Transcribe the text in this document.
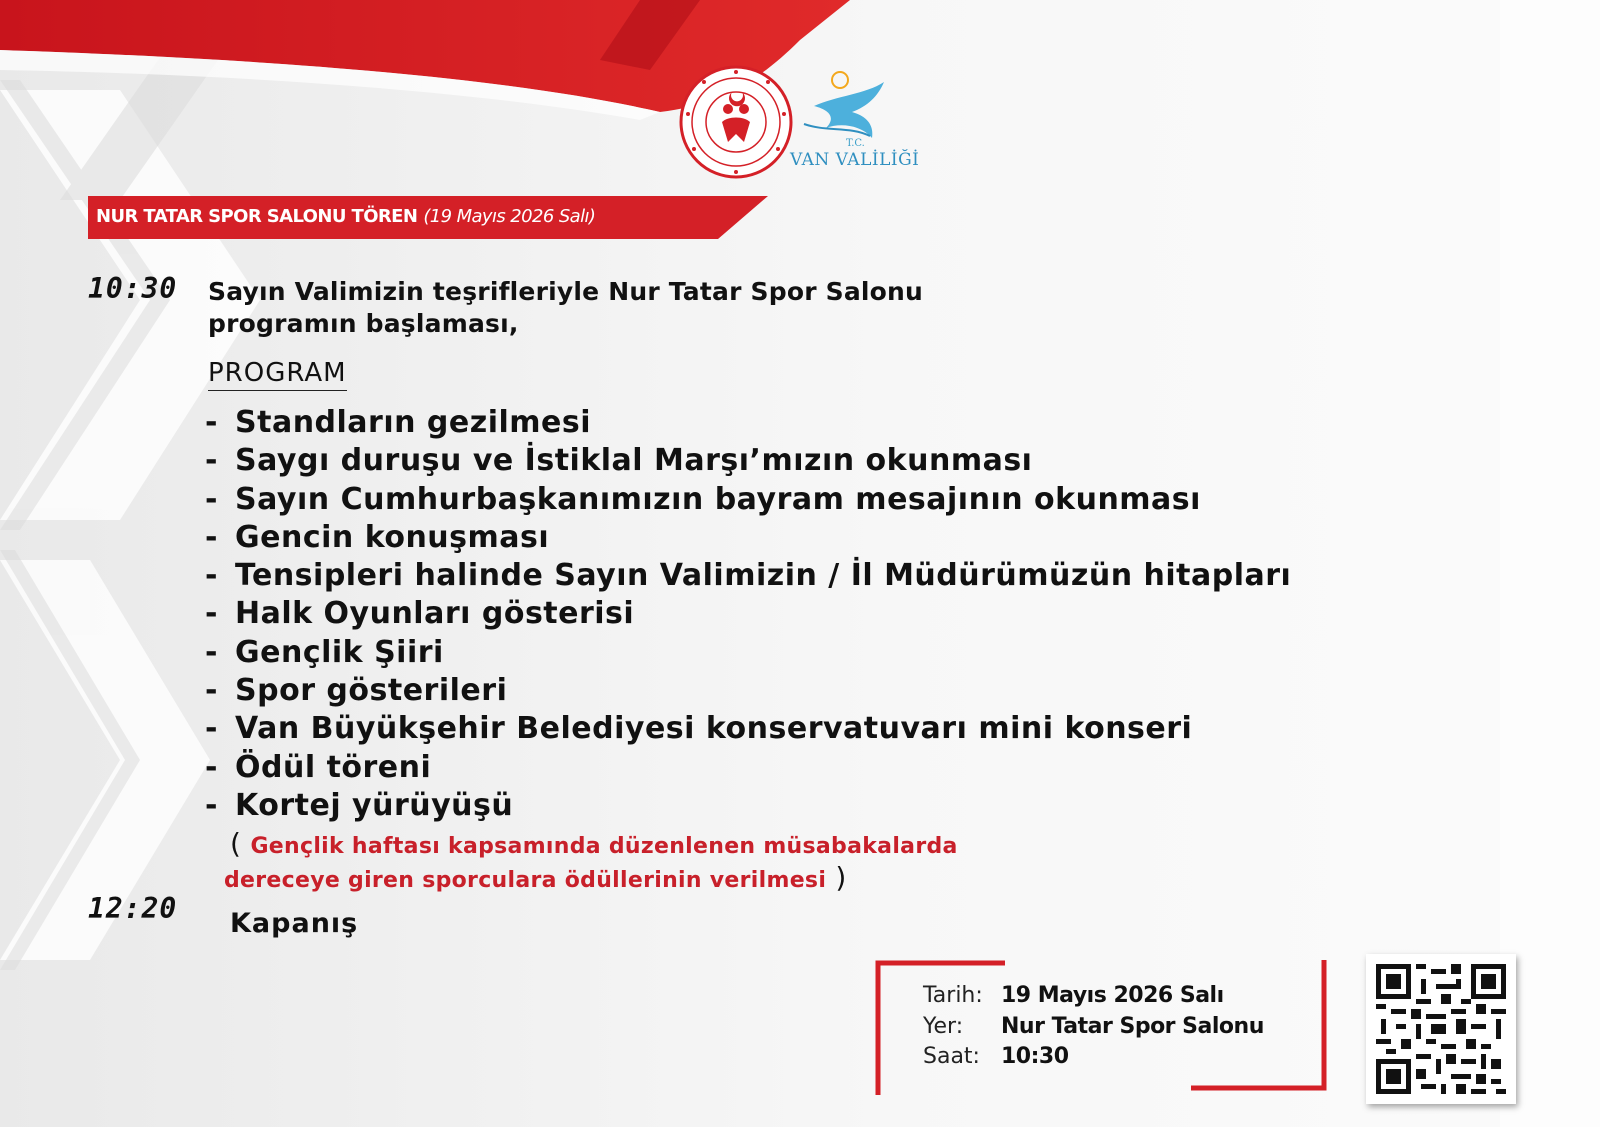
T.C.
VAN VALİLİĞİ
NUR TATAR SPOR SALONU TÖREN (19 Mayıs 2026 Salı)
10:30 Sayın Valimizin teşrifleriyle Nur Tatar Spor Salonu
programın başlaması,
PROGRAM
- Standların gezilmesi
- Saygı duruşu ve İstiklal Marşı’mızın okunması
- Sayın Cumhurbaşkanımızın bayram mesajının okunması
- Gencin konuşması
- Tensipleri halinde Sayın Valimizin / İl Müdürümüzün hitapları
- Halk Oyunları gösterisi
- Gençlik Şiiri
- Spor gösterileri
- Van Büyükşehir Belediyesi konservatuvarı mini konseri
- Ödül töreni
- Kortej yürüyüşü
( Gençlik haftası kapsamında düzenlenen müsabakalarda
dereceye giren sporculara ödüllerinin verilmesi )
12:20 Kapanış
Tarih: 19 Mayıs 2026 Salı
Yer: Nur Tatar Spor Salonu
Saat: 10:30
